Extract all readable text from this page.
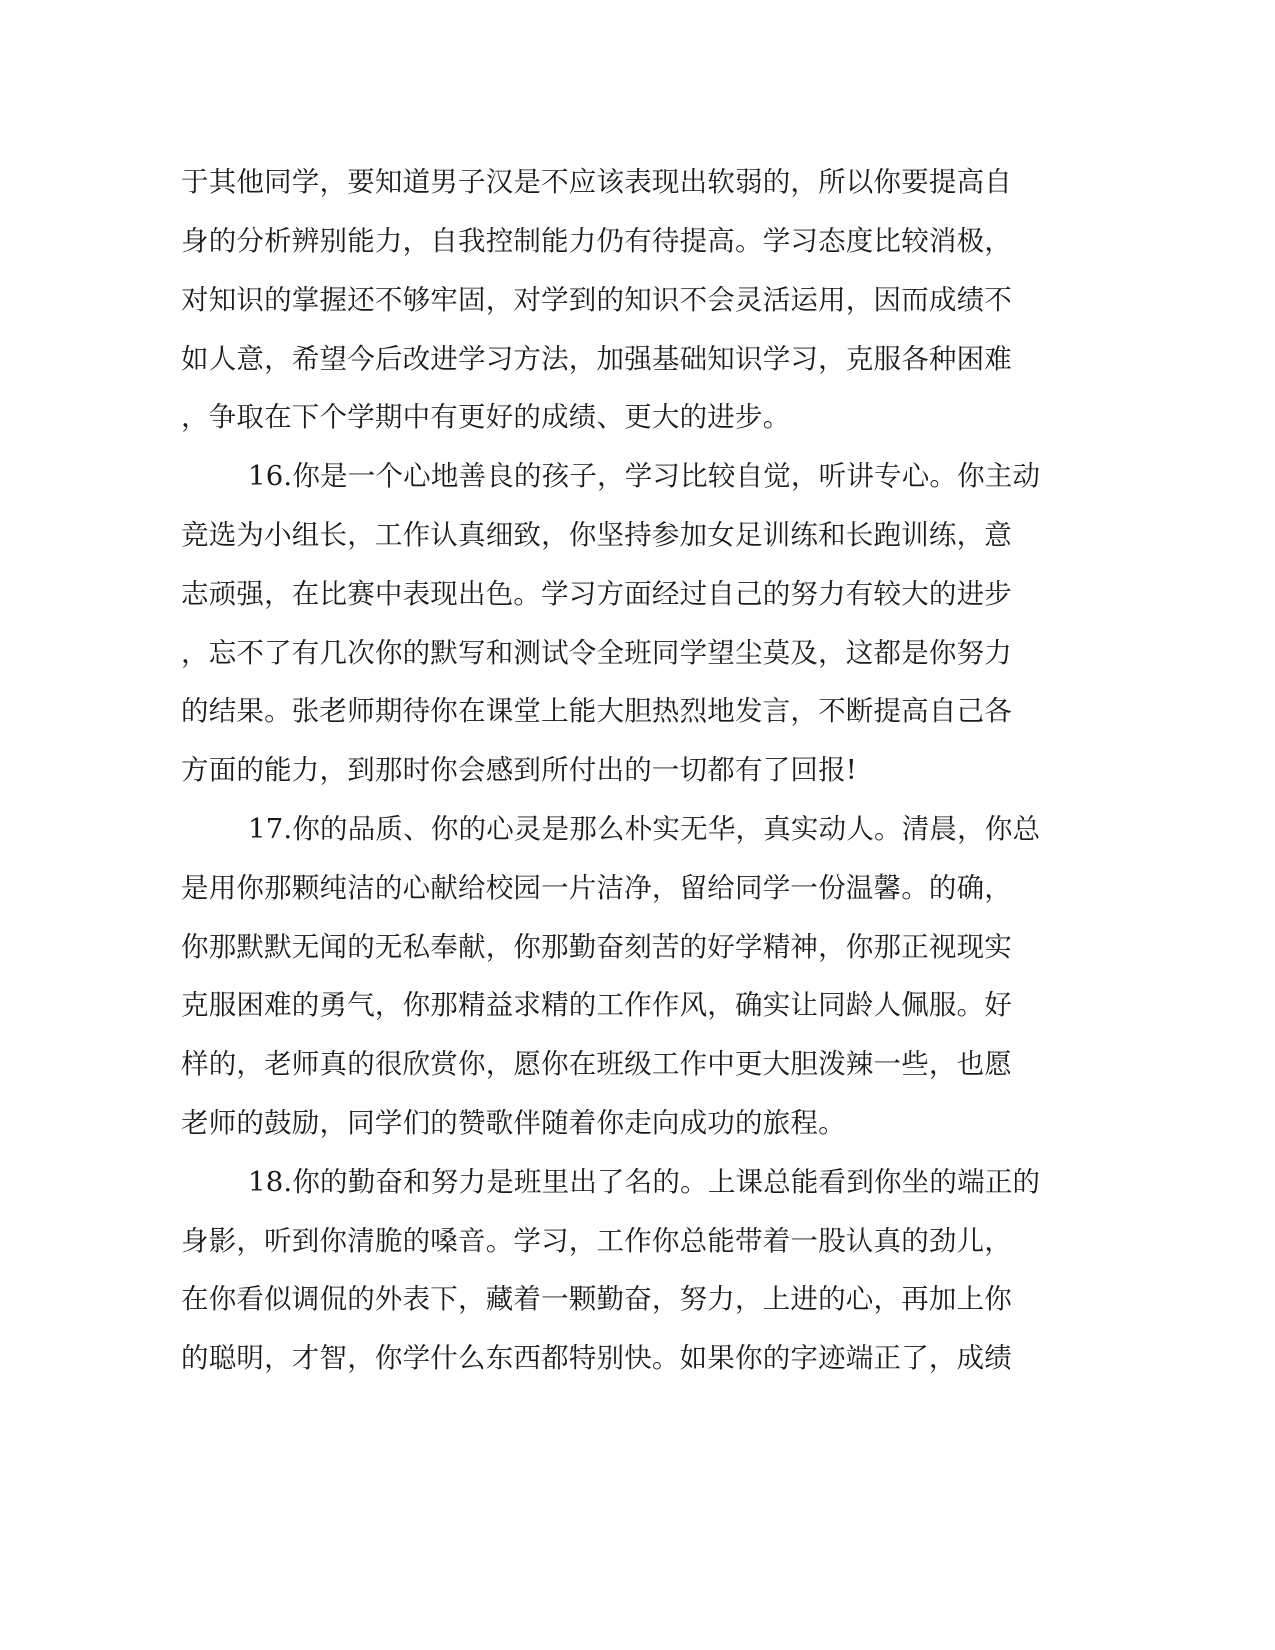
于其他同学，要知道男子汉是不应该表现出软弱的，所以你要提高自
身的分析辨别能力，自我控制能力仍有待提高。学习态度比较消极，
对知识的掌握还不够牢固，对学到的知识不会灵活运用，因而成绩不
如人意，希望今后改进学习方法，加强基础知识学习，克服各种困难
，争取在下个学期中有更好的成绩、更大的进步。
16.你是一个心地善良的孩子，学习比较自觉，听讲专心。你主动
竞选为小组长，工作认真细致，你坚持参加女足训练和长跑训练，意
志顽强，在比赛中表现出色。学习方面经过自己的努力有较大的进步
，忘不了有几次你的默写和测试令全班同学望尘莫及，这都是你努力
的结果。张老师期待你在课堂上能大胆热烈地发言，不断提高自己各
方面的能力，到那时你会感到所付出的一切都有了回报!
17.你的品质、你的心灵是那么朴实无华，真实动人。清晨，你总
是用你那颗纯洁的心献给校园一片洁净，留给同学一份温馨。的确，
你那默默无闻的无私奉献，你那勤奋刻苦的好学精神，你那正视现实
克服困难的勇气，你那精益求精的工作作风，确实让同龄人佩服。好
样的，老师真的很欣赏你，愿你在班级工作中更大胆泼辣一些，也愿
老师的鼓励，同学们的赞歌伴随着你走向成功的旅程。
18.你的勤奋和努力是班里出了名的。上课总能看到你坐的端正的
身影，听到你清脆的嗓音。学习，工作你总能带着一股认真的劲儿，
在你看似调侃的外表下，藏着一颗勤奋，努力，上进的心，再加上你
的聪明，才智，你学什么东西都特别快。如果你的字迹端正了，成绩
